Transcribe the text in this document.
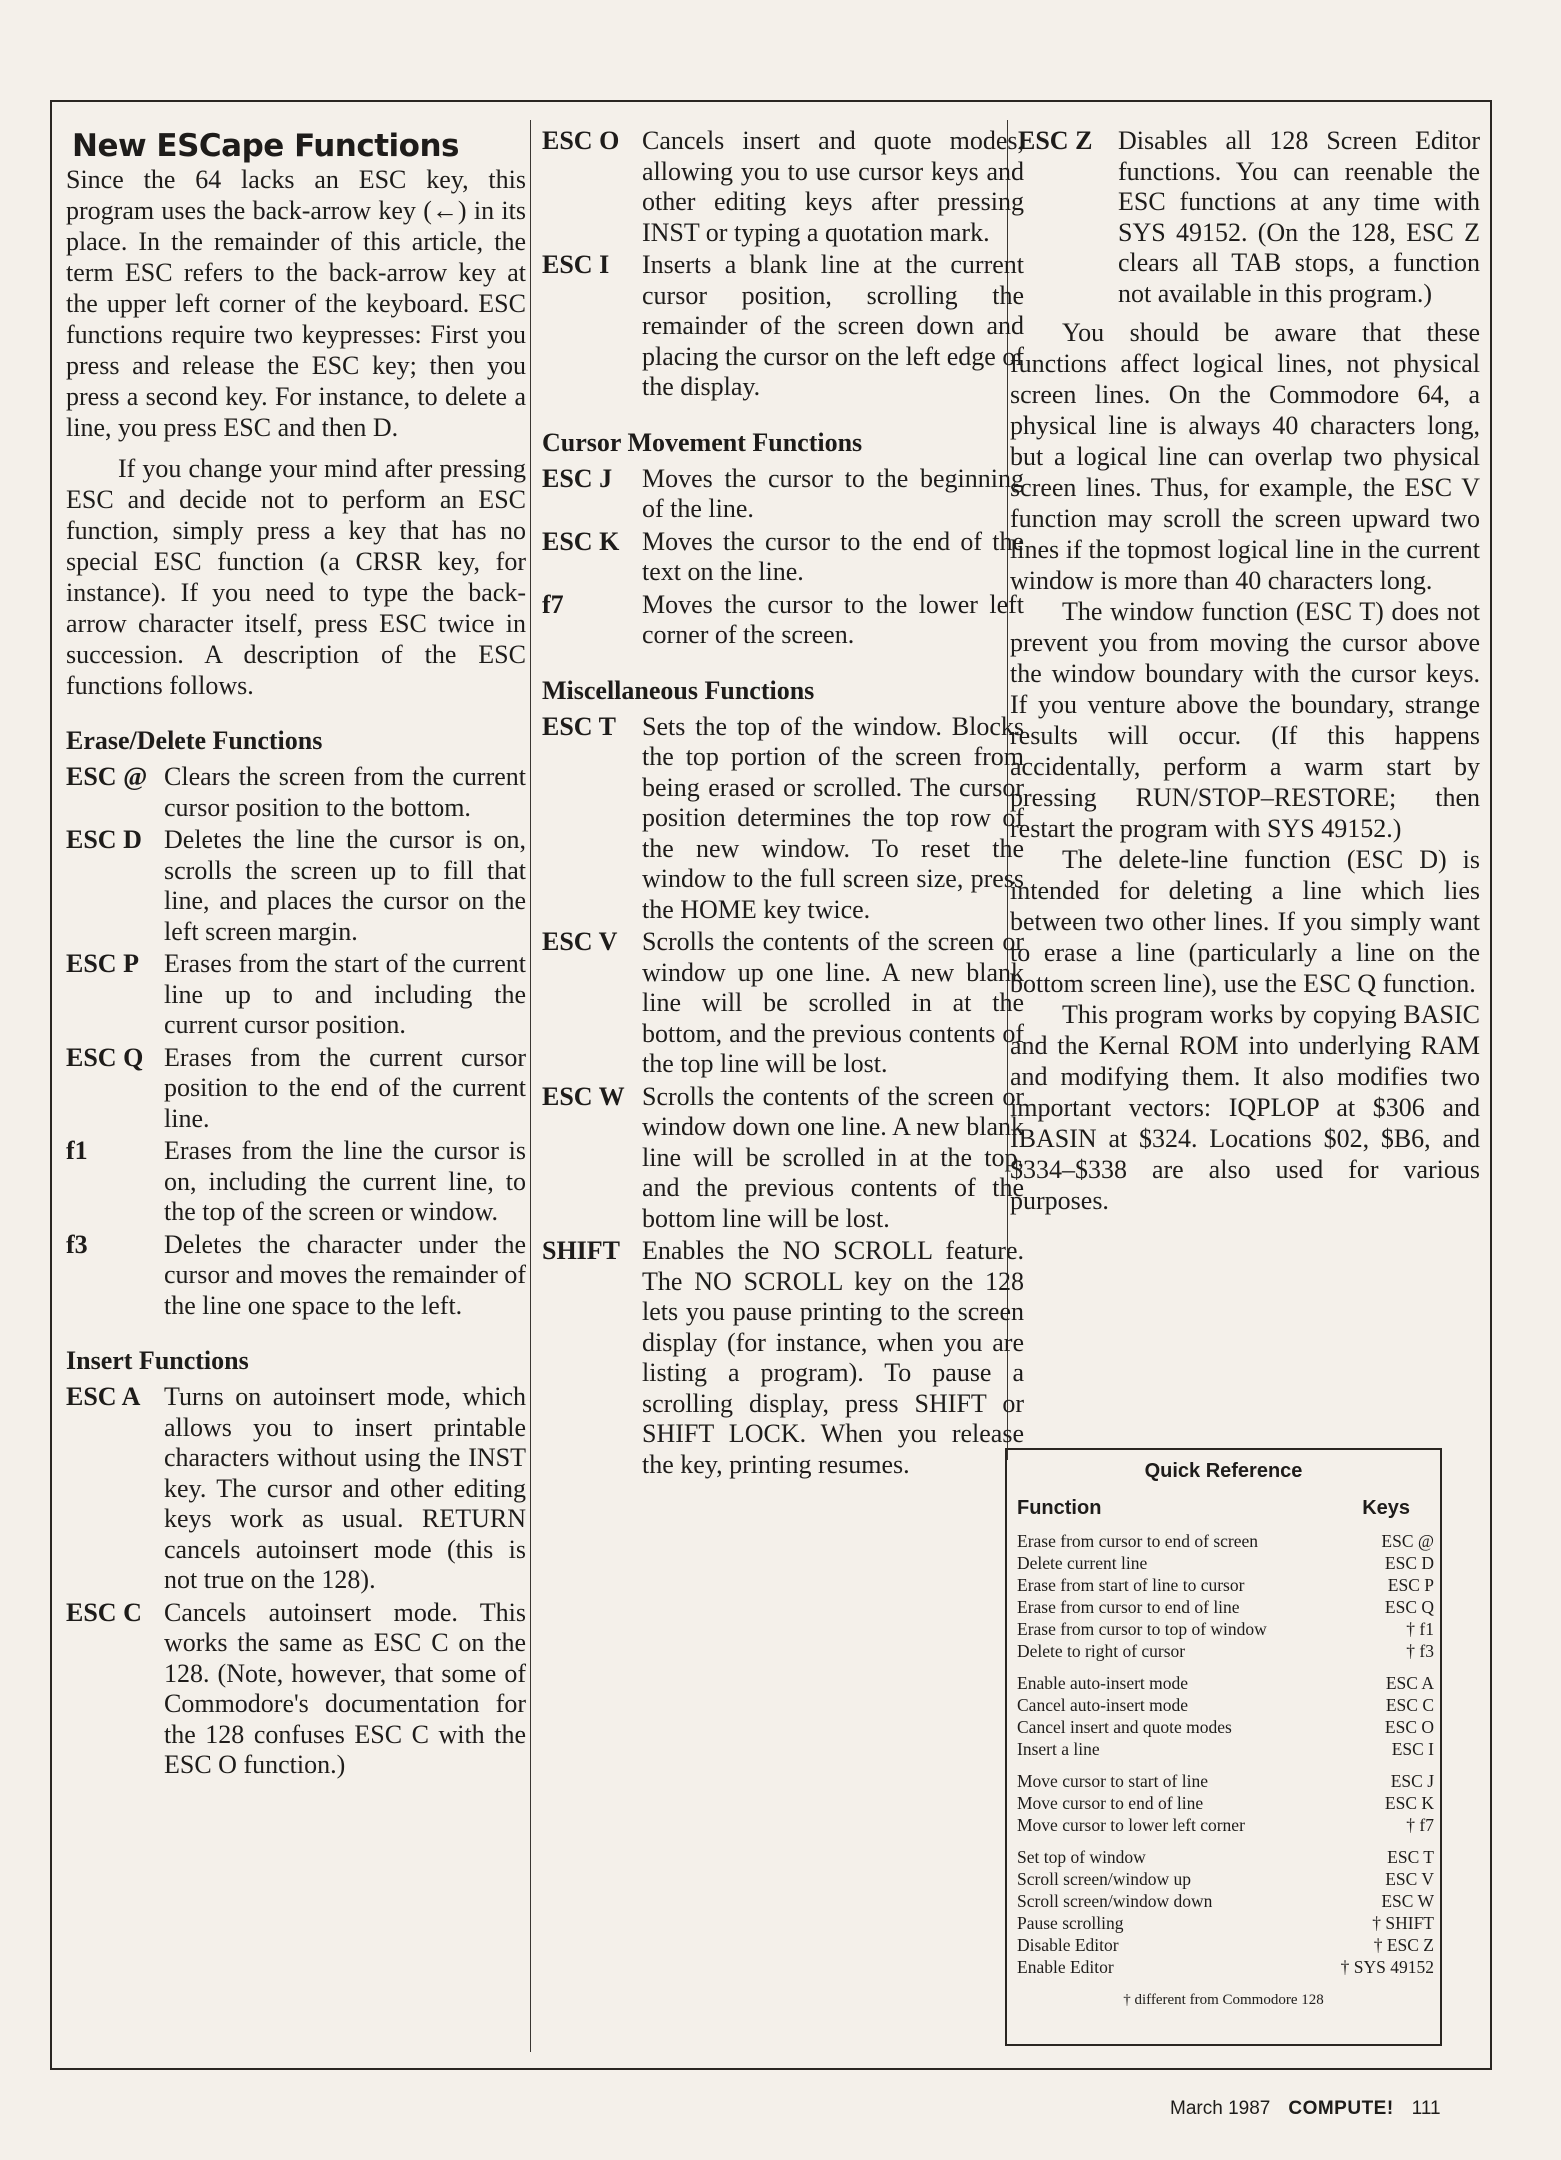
New ESCape Functions

Since the 64 lacks an ESC key, this program uses the back-arrow key (←) in its place. In the remainder of this article, the term ESC refers to the back-arrow key at the upper left corner of the keyboard. ESC functions require two keypresses: First you press and release the ESC key; then you press a second key. For instance, to delete a line, you press ESC and then D.

If you change your mind after pressing ESC and decide not to perform an ESC function, simply press a key that has no special ESC function (a CRSR key, for instance). If you need to type the back-arrow character itself, press ESC twice in succession. A description of the ESC functions follows.

Erase/Delete Functions
ESC @ Clears the screen from the current cursor position to the bottom.
ESC D Deletes the line the cursor is on, scrolls the screen up to fill that line, and places the cursor on the left screen margin.
ESC P Erases from the start of the current line up to and including the current cursor position.
ESC Q Erases from the current cursor position to the end of the current line.
f1	Erases from the line the cursor is on, including the current line, to the top of the screen or window.
f3	Deletes the character under the cursor and moves the remainder of the line one space to the left.
Insert Functions
ESC A Turns on autoinsert mode, which allows you to insert printable characters without using the INST key. The cursor and other editing keys work as usual. RETURN cancels autoinsert mode (this is not true on the 128).
ESC C Cancels autoinsert mode. This works the same as ESC C on the 128. (Note, however, that some of Commodore's documentation for the 128 confuses ESC C with the ESC O function.)
ESC O Cancels insert and quote modes, allowing you to use cursor keys and other editing keys after pressing INST or typing a quotation mark.
ESC I	Inserts a blank line at the current cursor position, scrolling the remainder of the screen down and placing the cursor on the left edge of the display.
Cursor Movement Functions
ESC J	Moves the cursor to the beginning of the line.
ESC K Moves the cursor to the end of the text on the line.
f7	Moves the cursor to the lower left corner of the screen.
Miscellaneous Functions
ESC T	Sets the top of the window. Blocks the top portion of the screen from being erased or scrolled. The cursor position determines the top row of the new window. To reset the window to the full screen size, press the HOME key twice.
ESC V Scrolls the contents of the screen or window up one line. A new blank line will be scrolled in at the bottom, and the previous contents of the top line will be lost.
ESC W Scrolls the contents of the screen or window down one line. A new blank line will be scrolled in at the top, and the previous contents of the bottom line will be lost.
SHIFT Enables the NO SCROLL feature. The NO SCROLL key on the 128 lets you pause printing to the screen display (for instance, when you are listing a program). To pause a scrolling display, press SHIFT or SHIFT LOCK. When you release the key, printing resumes.
ESC Z Disables all 128 Screen Editor functions. You can reenable the ESC functions at any time with SYS 49152. (On the 128, ESC Z clears all TAB stops, a function not available in this program.)

You should be aware that these functions affect logical lines, not physical screen lines. On the Commodore 64, a physical line is always 40 characters long, but a logical line can overlap two physical screen lines. Thus, for example, the ESC V function may scroll the screen upward two lines if the topmost logical line in the current window is more than 40 characters long.

The window function (ESC T) does not prevent you from moving the cursor above the window boundary with the cursor keys. If you venture above the boundary, strange results will occur. (If this happens accidentally, perform a warm start by pressing RUN/STOP–RESTORE; then restart the program with SYS 49152.)

The delete-line function (ESC D) is intended for deleting a line which lies between two other lines. If you simply want to erase a line (particularly a line on the bottom screen line), use the ESC Q function.

This program works by copying BASIC and the Kernal ROM into underlying RAM and modifying them. It also modifies two important vectors: IQPLOP at $306 and IBASIN at $324. Locations $02, $B6, and $334–$338 are also used for various purposes.

Quick Reference
Function	Keys
Erase from cursor to end of screen	ESC @
Delete current line	ESC D
Erase from start of line to cursor	ESC P
Erase from cursor to end of line	ESC Q
Erase from cursor to top of window	† f1
Delete to right of cursor	† f3
Enable auto-insert mode	ESC A
Cancel auto-insert mode	ESC C
Cancel insert and quote modes	ESC O
Insert a line	ESC I
Move cursor to start of line	ESC J
Move cursor to end of line	ESC K
Move cursor to lower left corner	† f7
Set top of window	ESC T
Scroll screen/window up	ESC V
Scroll screen/window down	ESC W
Pause scrolling	† SHIFT
Disable Editor	† ESC Z
Enable Editor	† SYS 49152
† different from Commodore 128
March 1987 COMPUTE! 111
